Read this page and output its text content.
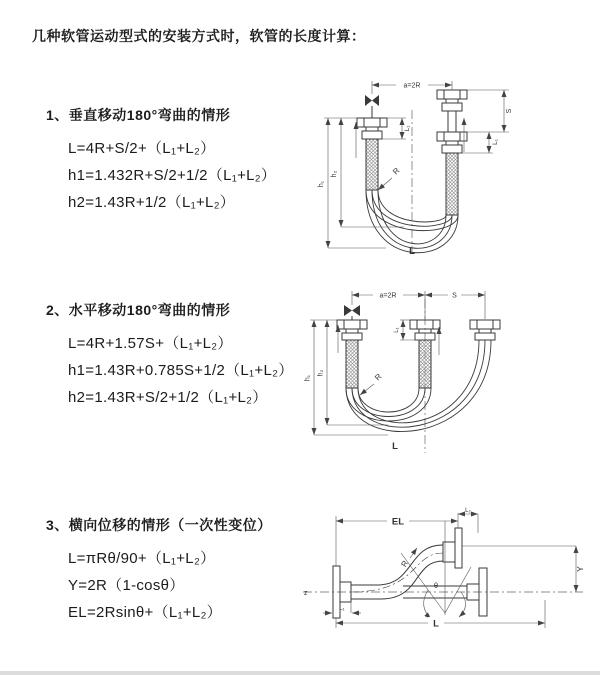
几种软管运动型式的安装方式时，软管的长度计算：

1、垂直移动180°弯曲的情形

L=4R+S/2+（L₁+L₂）

h1=1.432R+S/2+1/2（L₁+L₂）

h2=1.43R+1/2（L₁+L₂）

2、水平移动180°弯曲的情形

L=4R+1.57S+（L₁+L₂）

h1=1.43R+0.785S+1/2（L₁+L₂）

h2=1.43R+S/2+1/2（L₁+L₂）

3、横向位移的情形（一次性变位）

L=πRθ/90+（L₁+L₂）

Y=2R（1-cosθ）

EL=2Rsinθ+（L₁+L₂）

a=2R
L₁
S
L₁
h₁
h₂	R
L
a=2R	S
L₁
h₁
h₂	R
L
z
EL
L₂
Y
L
L₁
R
θ
